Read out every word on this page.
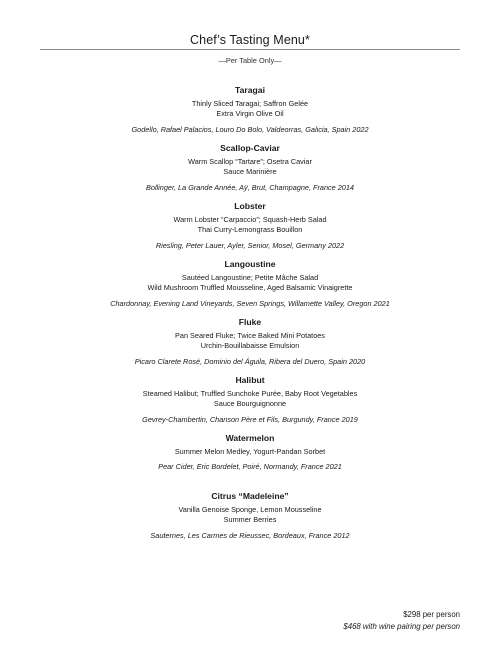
Chef’s Tasting Menu*
—Per Table Only—
Taragai
Thinly Sliced Taragai; Saffron Gelée
Extra Virgin Olive Oil
Godello, Rafael Palacios, Louro Do Bolo, Valdeorras, Galicia, Spain 2022
Scallop-Caviar
Warm Scallop “Tartare”; Osetra Caviar
Sauce Marinière
Bollinger, La Grande Année, Aÿ, Brut, Champagne, France 2014
Lobster
Warm Lobster “Carpaccio”; Squash-Herb Salad
Thai Curry-Lemongrass Bouillon
Riesling, Peter Lauer, Ayler, Senior, Mosel, Germany 2022
Langoustine
Sautéed Langoustine; Petite Mâche Salad
Wild Mushroom Truffled Mousseline, Aged Balsamic Vinaigrette
Chardonnay, Evening Land Vineyards, Seven Springs, Willamette Valley, Oregon 2021
Fluke
Pan Seared Fluke; Twice Baked Mini Potatoes
Urchin-Bouillabaisse Emulsion
Picaro Clarete Rosé, Dominio del Águila, Ribera del Duero, Spain 2020
Halibut
Steamed Halibut; Truffled Sunchoke Purée, Baby Root Vegetables
Sauce Bourguignonne
Gevrey-Chambertin, Chanson Père et Fils, Burgundy, France 2019
Watermelon
Summer Melon Medley, Yogurt-Pandan Sorbet
Pear Cider, Eric Bordelet, Poiré, Normandy, France 2021
Citrus “Madeleine”
Vanilla Genoise Sponge, Lemon Mousseline
Summer Berries
Sauternes, Les Carmes de Rieussec, Bordeaux, France 2012
$298 per person
$468 with wine pairing per person
